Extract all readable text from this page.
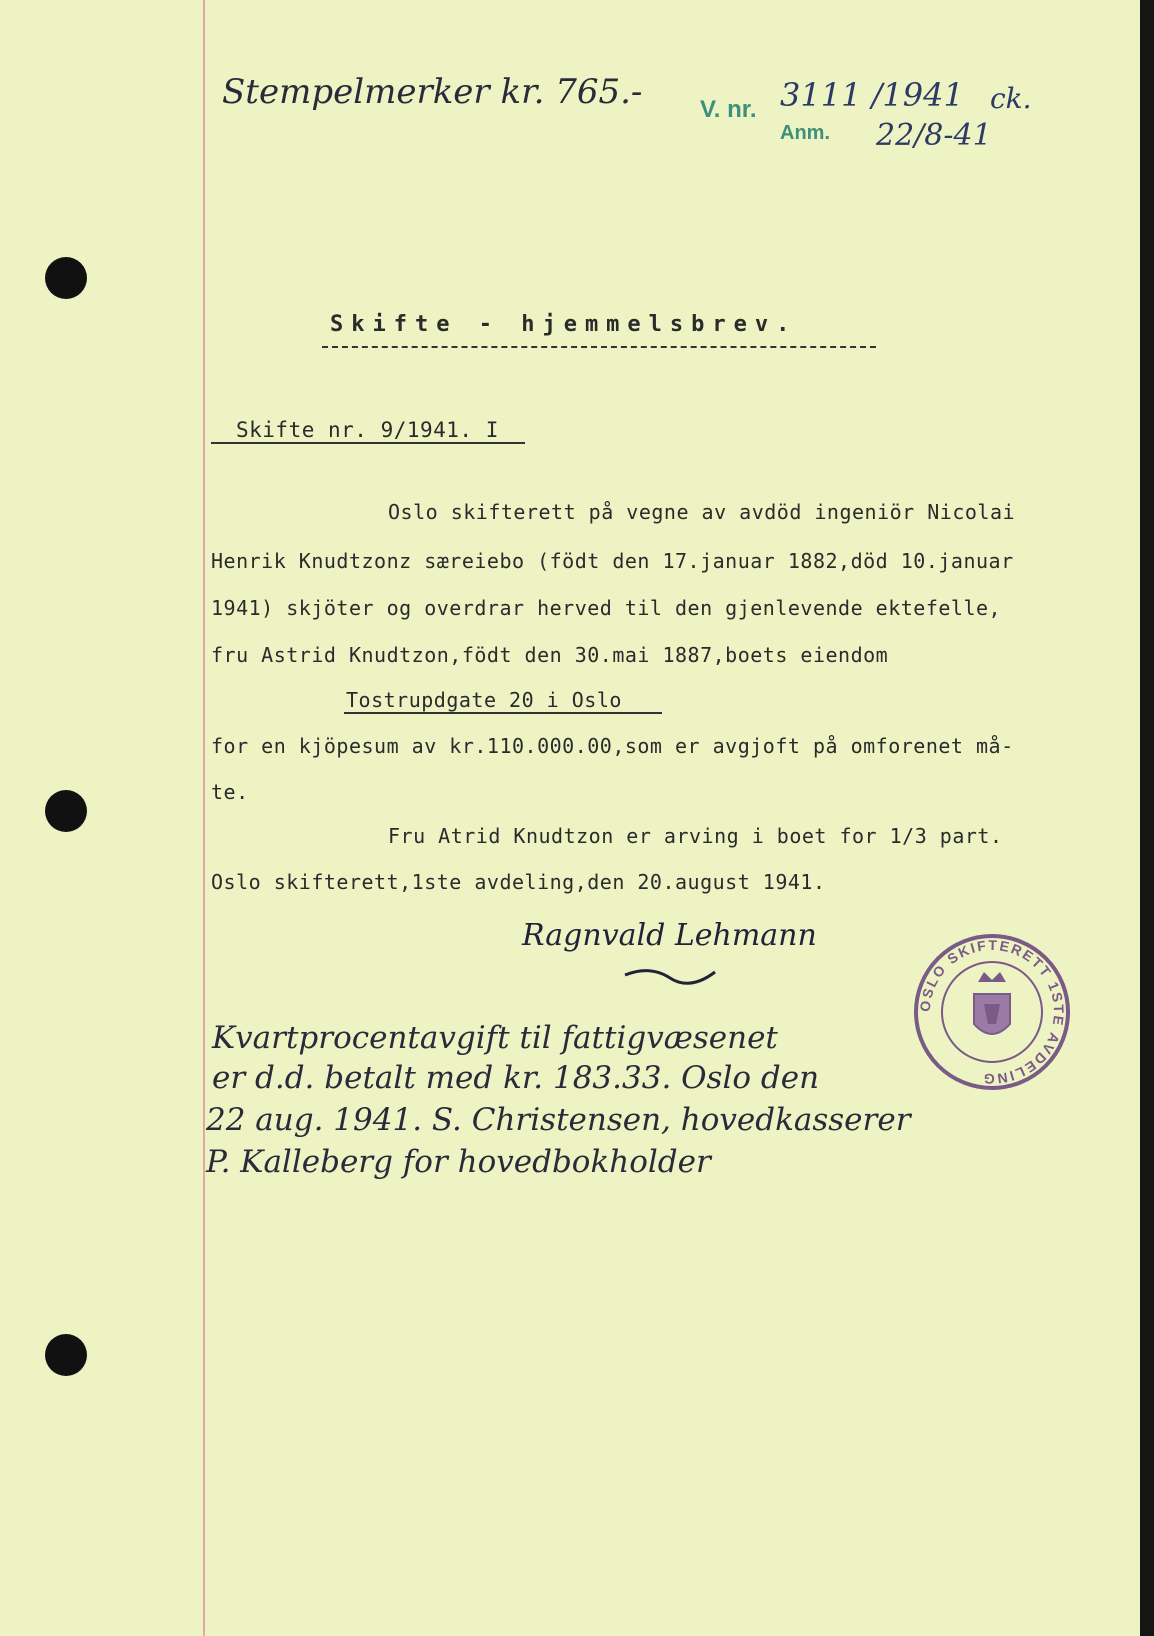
Stempelmerker kr. 765.- V. nr. 3111 /1941 ck.
Anm. 22/8-41
Skifte - hjemmelsbrev.
Skifte nr. 9/1941. I
Oslo skifterett på vegne av avdöd ingeniör Nicolai
Henrik Knudtzonz særeiebo (födt den 17.januar 1882,död 10.januar
1941) skjöter og overdrar herved til den gjenlevende ektefelle,
fru Astrid Knudtzon,födt den 30.mai 1887,boets eiendom
Tostrupdgate 20 i Oslo
for en kjöpesum av kr.110.000.00,som er avgjoft på omforenet må-
te.
Fru Atrid Knudtzon er arving i boet for 1/3 part.
Oslo skifterett,1ste avdeling,den 20.august 1941.
Ragnvald Lehmann
OSLO SKIFTERETT 1STE AVDELING
Kvartprocentavgift til fattigvæsenet
er d.d. betalt med kr. 183.33. Oslo den
22 aug. 1941. S. Christensen, hovedkasserer
P. Kalleberg for hovedbokholder
